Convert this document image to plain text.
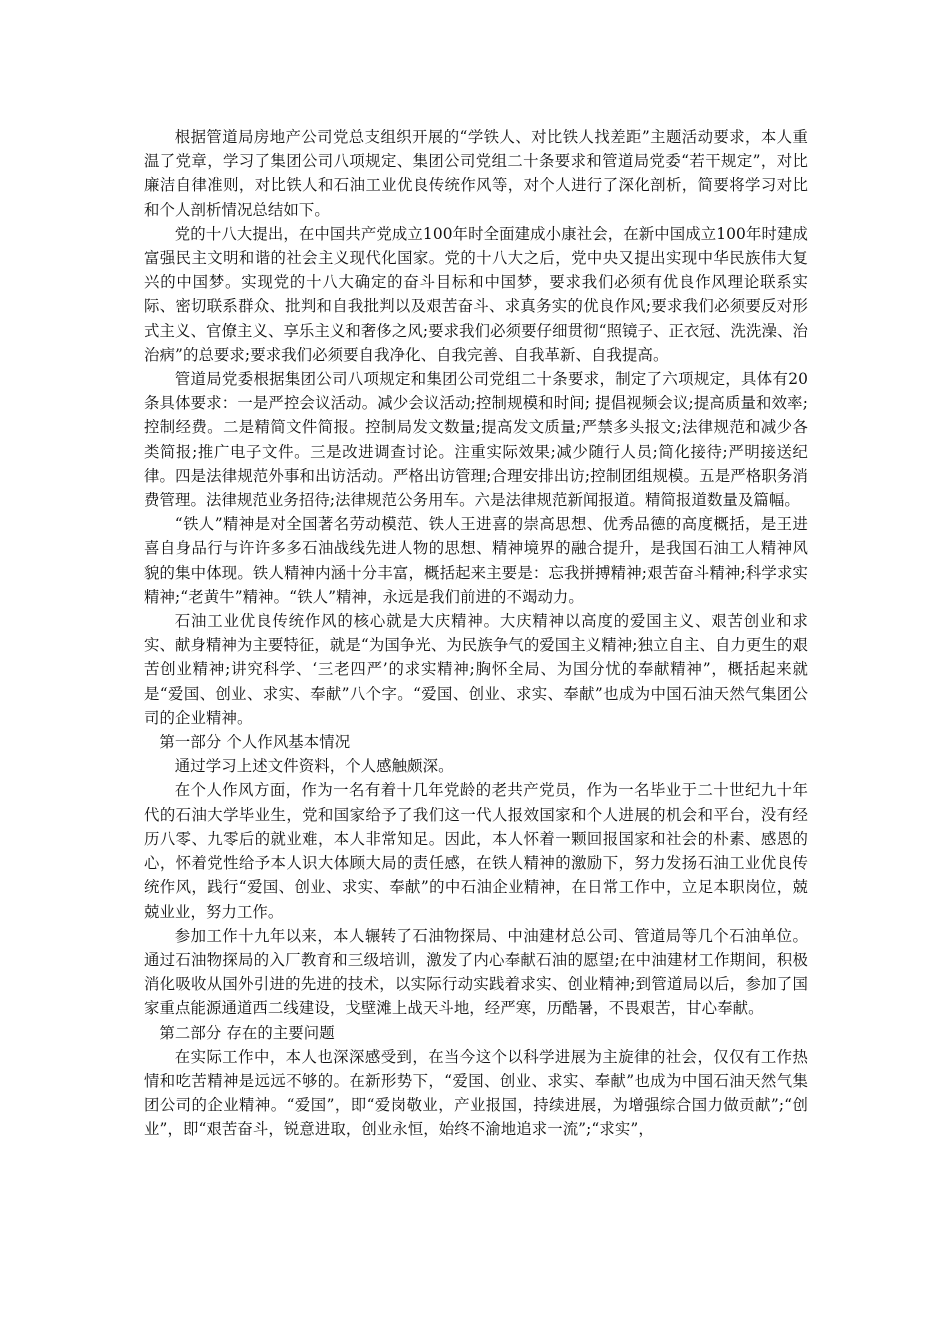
根据管道局房地产公司党总支组织开展的“学铁人、对比铁人找差距”主题活动要求，本人重温了党章，学习了集团公司八项规定、集团公司党组二十条要求和管道局党委“若干规定”，对比廉洁自律准则，对比铁人和石油工业优良传统作风等，对个人进行了深化剖析，简要将学习对比和个人剖析情况总结如下。

党的十八大提出，在中国共产党成立100年时全面建成小康社会，在新中国成立100年时建成富强民主文明和谐的社会主义现代化国家。党的十八大之后，党中央又提出实现中华民族伟大复兴的中国梦。实现党的十八大确定的奋斗目标和中国梦，要求我们必须有优良作风理论联系实际、密切联系群众、批判和自我批判以及艰苦奋斗、求真务实的优良作风;要求我们必须要反对形式主义、官僚主义、享乐主义和奢侈之风;要求我们必须要仔细贯彻“照镜子、正衣冠、洗洗澡、治治病”的总要求;要求我们必须要自我净化、自我完善、自我革新、自我提高。

管道局党委根据集团公司八项规定和集团公司党组二十条要求，制定了六项规定，具体有20条具体要求：一是严控会议活动。减少会议活动;控制规模和时间; 提倡视频会议;提高质量和效率;控制经费。二是精简文件简报。控制局发文数量;提高发文质量;严禁多头报文;法律规范和减少各类简报;推广电子文件。三是改进调查讨论。注重实际效果;减少随行人员;简化接待;严明接送纪律。四是法律规范外事和出访活动。严格出访管理;合理安排出访;控制团组规模。五是严格职务消费管理。法律规范业务招待;法律规范公务用车。六是法律规范新闻报道。精简报道数量及篇幅。

“铁人”精神是对全国著名劳动模范、铁人王进喜的崇高思想、优秀品德的高度概括，是王进喜自身品行与许许多多石油战线先进人物的思想、精神境界的融合提升，是我国石油工人精神风貌的集中体现。铁人精神内涵十分丰富，概括起来主要是：忘我拼搏精神;艰苦奋斗精神;科学求实精神;“老黄牛”精神。“铁人”精神，永远是我们前进的不竭动力。

石油工业优良传统作风的核心就是大庆精神。大庆精神以高度的爱国主义、艰苦创业和求实、献身精神为主要特征，就是“为国争光、为民族争气的爱国主义精神;独立自主、自力更生的艰苦创业精神;讲究科学、‘三老四严’的求实精神;胸怀全局、为国分忧的奉献精神”，概括起来就是“爱国、创业、求实、奉献”八个字。“爱国、创业、求实、奉献”也成为中国石油天然气集团公司的企业精神。

第一部分 个人作风基本情况

通过学习上述文件资料，个人感触颇深。

在个人作风方面，作为一名有着十几年党龄的老共产党员，作为一名毕业于二十世纪九十年代的石油大学毕业生，党和国家给予了我们这一代人报效国家和个人进展的机会和平台，没有经历八零、九零后的就业难，本人非常知足。因此，本人怀着一颗回报国家和社会的朴素、感恩的心，怀着党性给予本人识大体顾大局的责任感，在铁人精神的激励下，努力发扬石油工业优良传统作风，践行“爱国、创业、求实、奉献”的中石油企业精神，在日常工作中，立足本职岗位，兢兢业业，努力工作。

参加工作十九年以来，本人辗转了石油物探局、中油建材总公司、管道局等几个石油单位。通过石油物探局的入厂教育和三级培训，激发了内心奉献石油的愿望;在中油建材工作期间，积极消化吸收从国外引进的先进的技术，以实际行动实践着求实、创业精神;到管道局以后，参加了国家重点能源通道西二线建设，戈壁滩上战天斗地，经严寒，历酷暑，不畏艰苦，甘心奉献。

第二部分 存在的主要问题

在实际工作中，本人也深深感受到，在当今这个以科学进展为主旋律的社会，仅仅有工作热情和吃苦精神是远远不够的。在新形势下，“爱国、创业、求实、奉献”也成为中国石油天然气集团公司的企业精神。“爱国”，即“爱岗敬业，产业报国，持续进展，为增强综合国力做贡献”;“创业”，即“艰苦奋斗，锐意进取，创业永恒，始终不渝地追求一流”;“求实”，
